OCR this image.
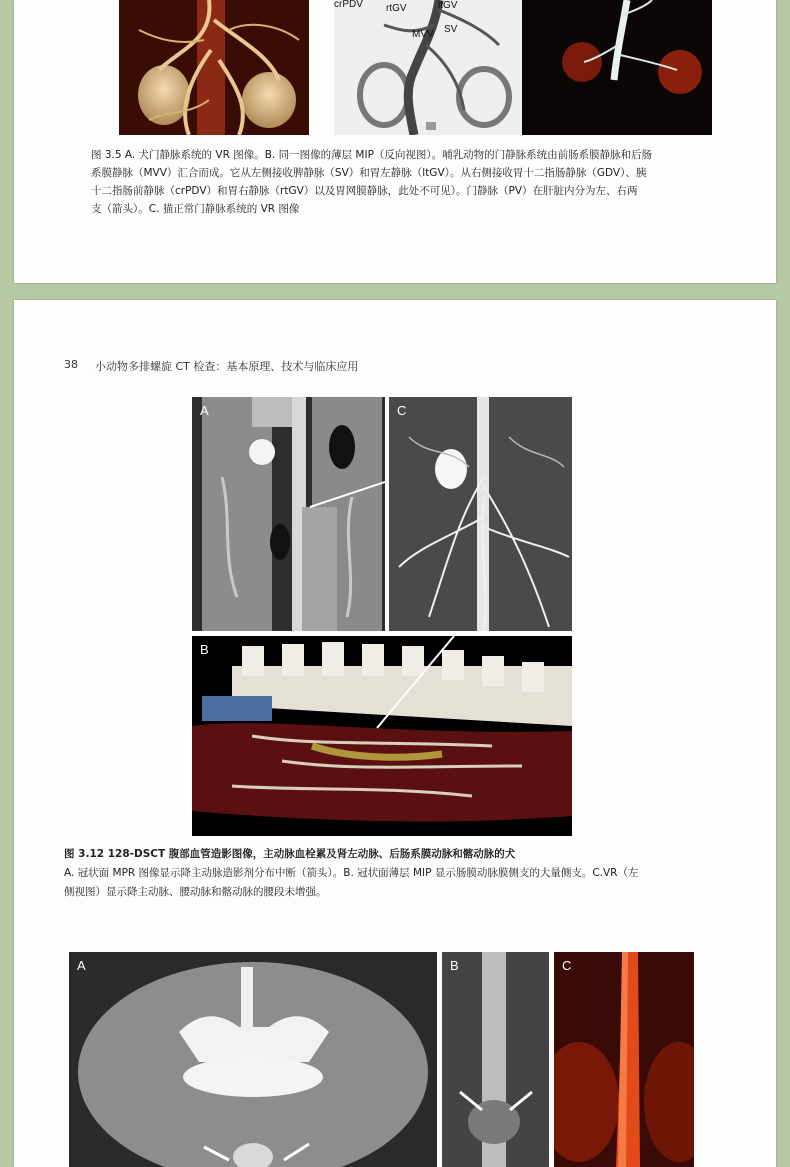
crPDV rtGV	ltGV
SV
MVV
图 3.5 A. 犬门静脉系统的 VR 图像。B. 同一图像的薄层 MIP（反向视图）。哺乳动物的门静脉系统由前肠系膜静脉和后肠
系膜静脉（MVV）汇合而成。它从左侧接收脾静脉（SV）和胃左静脉（ltGV）。从右侧接收胃十二指肠静脉（GDV）、胰
十二指肠前静脉（crPDV）和胃右静脉（rtGV）以及胃网膜静脉，此处不可见）。门静脉（PV）在肝脏内分为左、右两
支（箭头）。C. 猫正常门静脉系统的 VR 图像
38 小动物多排螺旋 CT 检查：基本原理、技术与临床应用
A	C
B
图 3.12 128-DSCT 腹部血管造影图像，主动脉血栓累及肾左动脉、后肠系膜动脉和髂动脉的犬
A. 冠状面 MPR 图像显示降主动脉造影剂分布中断（箭头）。B. 冠状面薄层 MIP 显示肠膜动脉膜侧支的大量侧支。C.VR（左
侧视图）显示降主动脉、腰动脉和髂动脉的腰段未增强。
A	B	C
